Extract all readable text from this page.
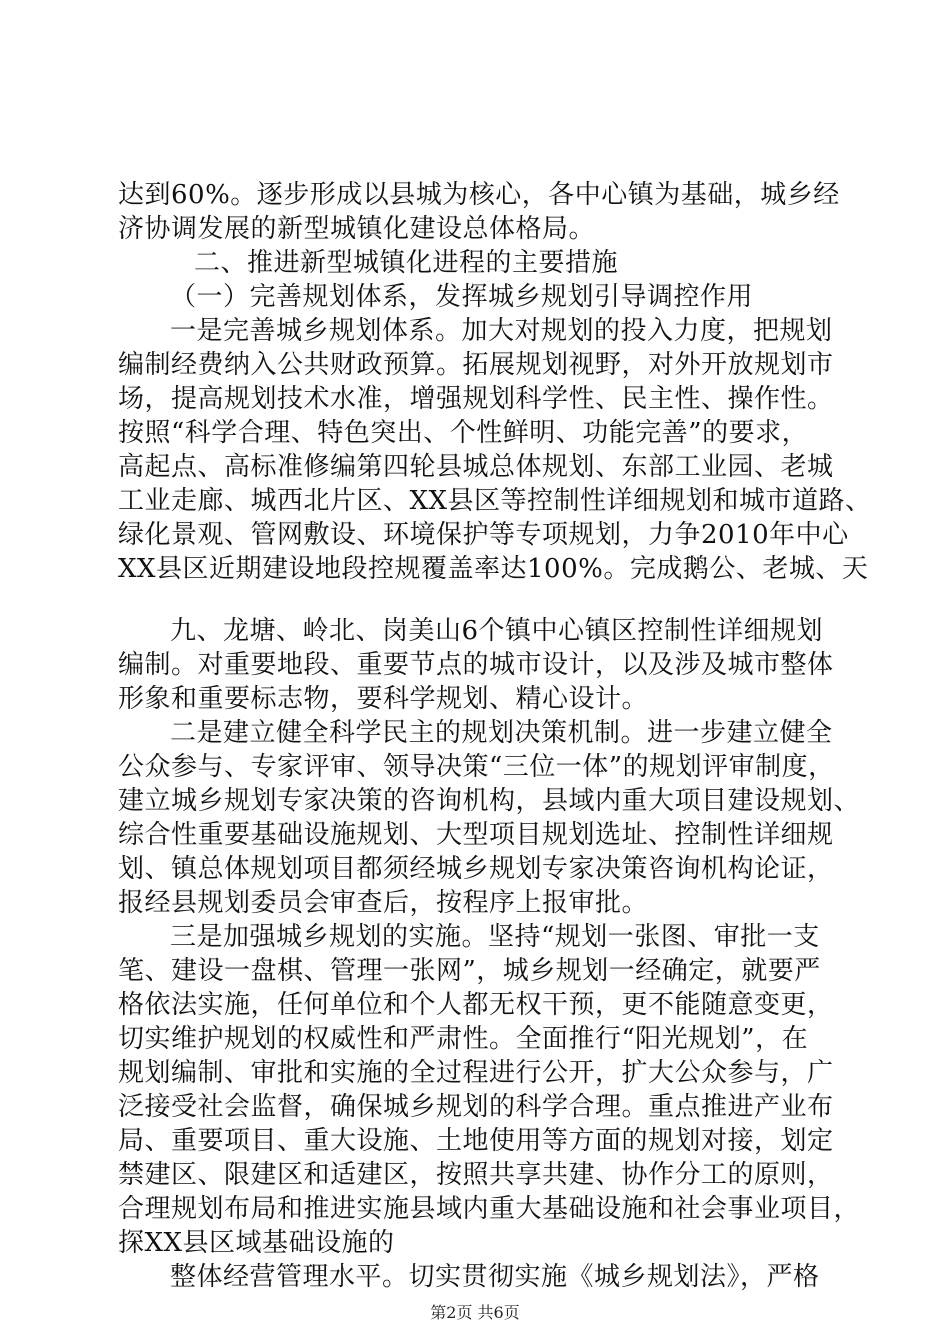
达到60%。逐步形成以县城为核心，各中心镇为基础，城乡经
济协调发展的新型城镇化建设总体格局。
二、推进新型城镇化进程的主要措施
（一）完善规划体系，发挥城乡规划引导调控作用
一是完善城乡规划体系。加大对规划的投入力度，把规划
编制经费纳入公共财政预算。拓展规划视野，对外开放规划市
场，提高规划技术水准，增强规划科学性、民主性、操作性。
按照“科学合理、特色突出、个性鲜明、功能完善”的要求，
高起点、高标准修编第四轮县城总体规划、东部工业园、老城
工业走廊、城西北片区、XX县区等控制性详细规划和城市道路、
绿化景观、管网敷设、环境保护等专项规划，力争2010年中心
XX县区近期建设地段控规覆盖率达100%。完成鹅公、老城、天
九、龙塘、岭北、岗美山6个镇中心镇区控制性详细规划
编制。对重要地段、重要节点的城市设计，以及涉及城市整体
形象和重要标志物，要科学规划、精心设计。
二是建立健全科学民主的规划决策机制。进一步建立健全
公众参与、专家评审、领导决策“三位一体”的规划评审制度，
建立城乡规划专家决策的咨询机构，县域内重大项目建设规划、
综合性重要基础设施规划、大型项目规划选址、控制性详细规
划、镇总体规划项目都须经城乡规划专家决策咨询机构论证，
报经县规划委员会审查后，按程序上报审批。
三是加强城乡规划的实施。坚持“规划一张图、审批一支
笔、建设一盘棋、管理一张网”，城乡规划一经确定，就要严
格依法实施，任何单位和个人都无权干预，更不能随意变更，
切实维护规划的权威性和严肃性。全面推行“阳光规划”，在
规划编制、审批和实施的全过程进行公开，扩大公众参与，广
泛接受社会监督，确保城乡规划的科学合理。重点推进产业布
局、重要项目、重大设施、土地使用等方面的规划对接，划定
禁建区、限建区和适建区，按照共享共建、协作分工的原则，
合理规划布局和推进实施县域内重大基础设施和社会事业项目，
探XX县区域基础设施的
整体经营管理水平。切实贯彻实施《城乡规划法》，严格
第2页 共6页
